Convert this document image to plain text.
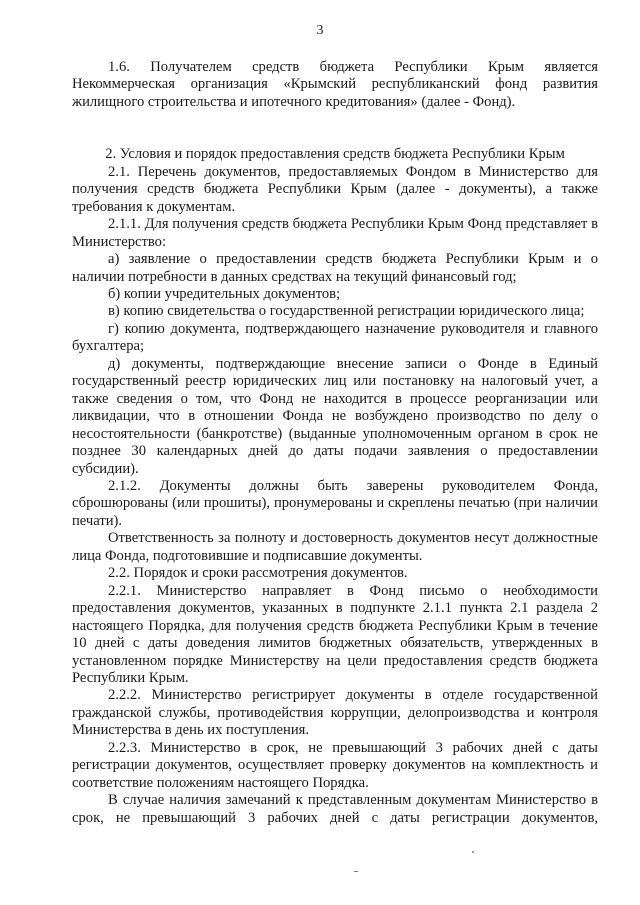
3

1.6. Получателем средств бюджета Республики Крым является Некоммерческая организация «Крымский республиканский фонд развития жилищного строительства и ипотечного кредитования» (далее - Фонд).

2. Условия и порядок предоставления средств бюджета Республики Крым

2.1. Перечень документов, предоставляемых Фондом в Министерство для получения средств бюджета Республики Крым (далее - документы), а также требования к документам.

2.1.1. Для получения средств бюджета Республики Крым Фонд представляет в Министерство:

а) заявление о предоставлении средств бюджета Республики Крым и о наличии потребности в данных средствах на текущий финансовый год;

б) копии учредительных документов;

в) копию свидетельства о государственной регистрации юридического лица;

г) копию документа, подтверждающего назначение руководителя и главного бухгалтера;

д) документы, подтверждающие внесение записи о Фонде в Единый государственный реестр юридических лиц или постановку на налоговый учет, а также сведения о том, что Фонд не находится в процессе реорганизации или ликвидации, что в отношении Фонда не возбуждено производство по делу о несостоятельности (банкротстве) (выданные уполномоченным органом в срок не позднее 30 календарных дней до даты подачи заявления о предоставлении субсидии).

2.1.2. Документы должны быть заверены руководителем Фонда, сброшюрованы (или прошиты), пронумерованы и скреплены печатью (при наличии печати).

Ответственность за полноту и достоверность документов несут должностные лица Фонда, подготовившие и подписавшие документы.

2.2. Порядок и сроки рассмотрения документов.

2.2.1. Министерство направляет в Фонд письмо о необходимости предоставления документов, указанных в подпункте 2.1.1 пункта 2.1 раздела 2 настоящего Порядка, для получения средств бюджета Республики Крым в течение 10 дней с даты доведения лимитов бюджетных обязательств, утвержденных в установленном порядке Министерству на цели предоставления средств бюджета Республики Крым.

2.2.2. Министерство регистрирует документы в отделе государственной гражданской службы, противодействия коррупции, делопроизводства и контроля Министерства в день их поступления.

2.2.3. Министерство в срок, не превышающий 3 рабочих дней с даты регистрации документов, осуществляет проверку документов на комплектность и соответствие положениям настоящего Порядка.

В случае наличия замечаний к представленным документам Министерство в срок, не превышающий 3 рабочих дней с даты регистрации документов,
